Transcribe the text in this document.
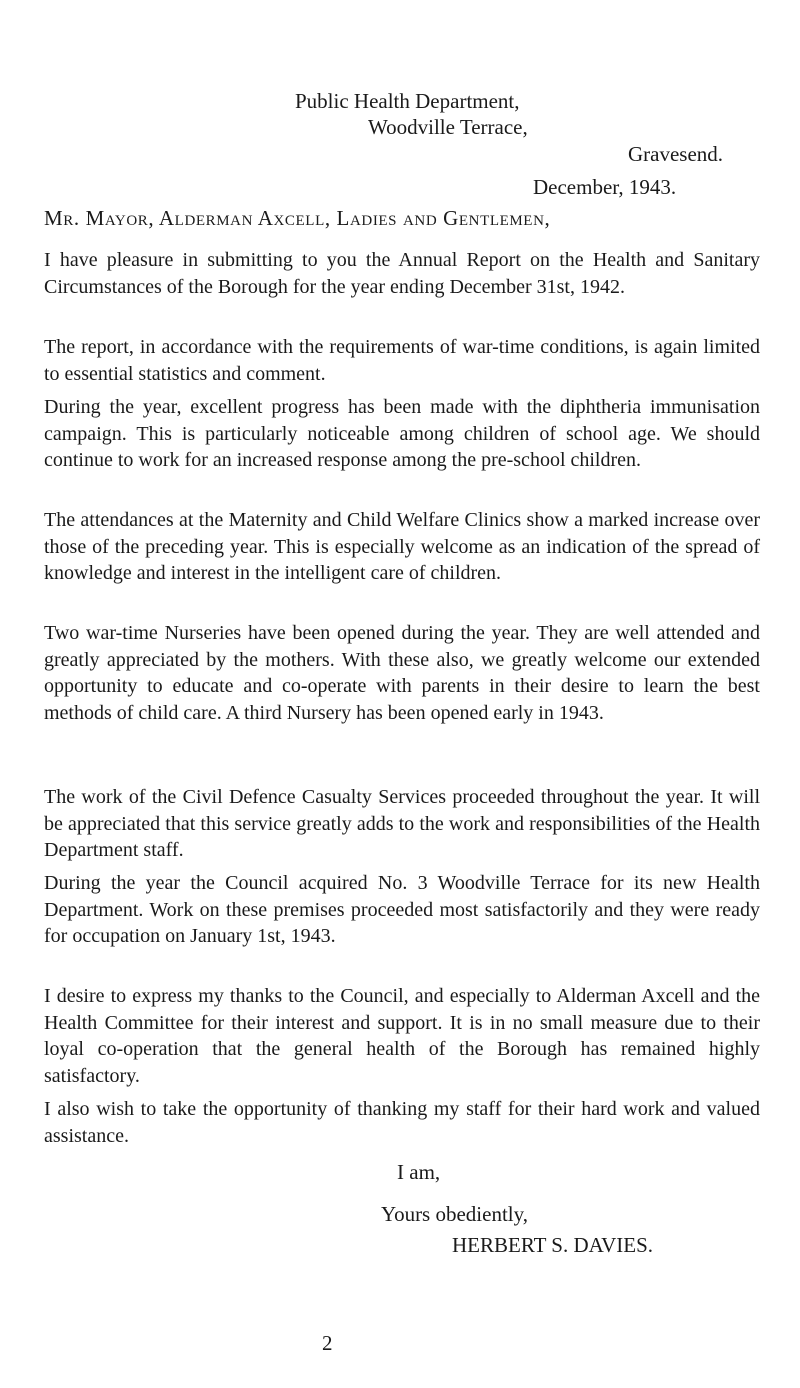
Public Health Department,
Woodville Terrace,
Gravesend.
December, 1943.
Mr. Mayor, Alderman Axcell, Ladies and Gentlemen,

I have pleasure in submitting to you the Annual Report on the Health and Sanitary Circumstances of the Borough for the year ending December 31st, 1942.

The report, in accordance with the requirements of war-time conditions, is again limited to essential statistics and comment.

During the year, excellent progress has been made with the diphtheria immunisation campaign. This is particularly noticeable among children of school age. We should continue to work for an increased response among the pre-school children.

The attendances at the Maternity and Child Welfare Clinics show a marked increase over those of the preceding year. This is especially welcome as an indication of the spread of knowledge and interest in the intelligent care of children.

Two war-time Nurseries have been opened during the year. They are well attended and greatly appreciated by the mothers. With these also, we greatly welcome our extended opportunity to educate and co-operate with parents in their desire to learn the best methods of child care. A third Nursery has been opened early in 1943.

The work of the Civil Defence Casualty Services proceeded throughout the year. It will be appreciated that this service greatly adds to the work and responsibilities of the Health Department staff.

During the year the Council acquired No. 3 Woodville Terrace for its new Health Department. Work on these premises proceeded most satisfactorily and they were ready for occupation on January 1st, 1943.

I desire to express my thanks to the Council, and especially to Alderman Axcell and the Health Committee for their interest and support. It is in no small measure due to their loyal co-operation that the general health of the Borough has remained highly satisfactory.

I also wish to take the opportunity of thanking my staff for their hard work and valued assistance.

I am,
Yours obediently,
HERBERT S. DAVIES.
2
